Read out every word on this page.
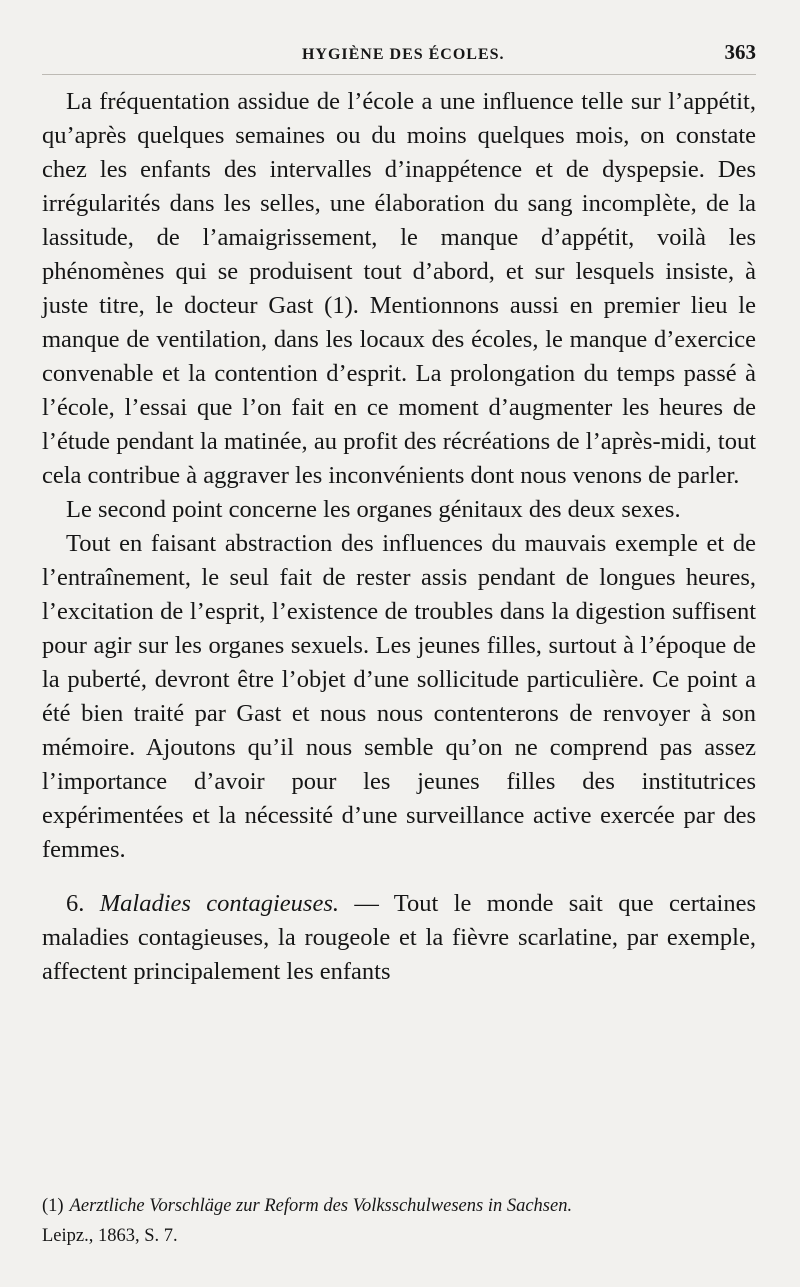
HYGIÈNE DES ÉCOLES.	363

La fréquentation assidue de l’école a une influence telle sur l’appétit, qu’après quelques semaines ou du moins quelques mois, on constate chez les enfants des intervalles d’inappétence et de dyspepsie. Des irrégularités dans les selles, une élaboration du sang incomplète, de la lassitude, de l’amaigrissement, le manque d’appétit, voilà les phénomènes qui se produisent tout d’abord, et sur lesquels insiste, à juste titre, le docteur Gast (1). Mentionnons aussi en premier lieu le manque de ventilation, dans les locaux des écoles, le manque d’exercice convenable et la contention d’esprit. La prolongation du temps passé à l’école, l’essai que l’on fait en ce moment d’augmenter les heures de l’étude pendant la matinée, au profit des récréations de l’après-midi, tout cela contribue à aggraver les inconvénients dont nous venons de parler.

Le second point concerne les organes génitaux des deux sexes.

Tout en faisant abstraction des influences du mauvais exemple et de l’entraînement, le seul fait de rester assis pendant de longues heures, l’excitation de l’esprit, l’existence de troubles dans la digestion suffisent pour agir sur les organes sexuels. Les jeunes filles, surtout à l’époque de la puberté, devront être l’objet d’une sollicitude particulière. Ce point a été bien traité par Gast et nous nous contenterons de renvoyer à son mémoire. Ajoutons qu’il nous semble qu’on ne comprend pas assez l’importance d’avoir pour les jeunes filles des institutrices expérimentées et la nécessité d’une surveillance active exercée par des femmes.

6. Maladies contagieuses. — Tout le monde sait que certaines maladies contagieuses, la rougeole et la fièvre scarlatine, par exemple, affectent principalement les enfants

(1) Aerztliche Vorschläge zur Reform des Volksschulwesens in Sachsen.
Leipz., 1863, S. 7.
